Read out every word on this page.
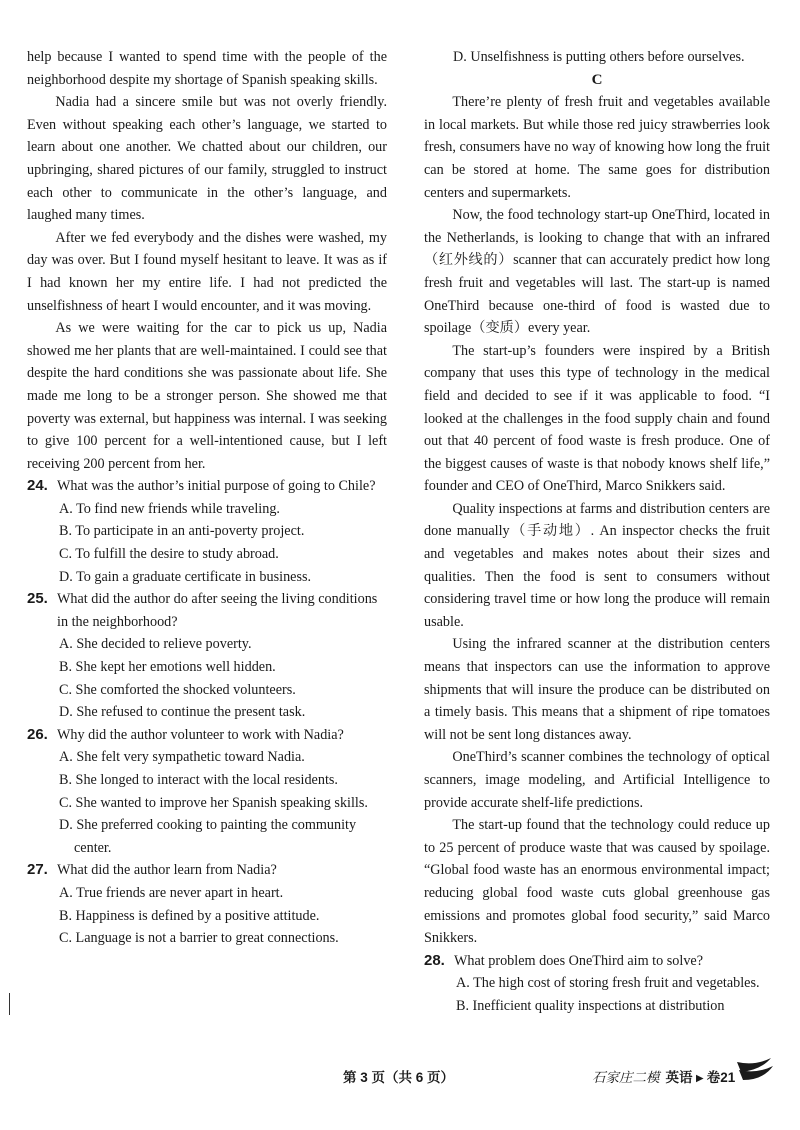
help because I wanted to spend time with the people of the neighborhood despite my shortage of Spanish speaking skills.

Nadia had a sincere smile but was not overly friendly. Even without speaking each other’s language, we started to learn about one another. We chatted about our children, our upbringing, shared pictures of our family, struggled to instruct each other to communicate in the other’s language, and laughed many times.

After we fed everybody and the dishes were washed, my day was over. But I found myself hesitant to leave. It was as if I had known her my entire life. I had not predicted the unselfishness of heart I would encounter, and it was moving.

As we were waiting for the car to pick us up, Nadia showed me her plants that are well-maintained. I could see that despite the hard conditions she was passionate about life. She made me long to be a stronger person. She showed me that poverty was external, but happiness was internal. I was seeking to give 100 percent for a well-intentioned cause, but I left receiving 200 percent from her.

24. What was the author’s initial purpose of going to Chile?

A. To find new friends while traveling.

B. To participate in an anti-poverty project.

C. To fulfill the desire to study abroad.

D. To gain a graduate certificate in business.

25. What did the author do after seeing the living conditions in the neighborhood?

A. She decided to relieve poverty.

B. She kept her emotions well hidden.

C. She comforted the shocked volunteers.

D. She refused to continue the present task.

26. Why did the author volunteer to work with Nadia?

A. She felt very sympathetic toward Nadia.

B. She longed to interact with the local residents.

C. She wanted to improve her Spanish speaking skills.

D. She preferred cooking to painting the community center.

27. What did the author learn from Nadia?

A. True friends are never apart in heart.

B. Happiness is defined by a positive attitude.

C. Language is not a barrier to great connections.

D. Unselfishness is putting others before ourselves.

C

There’re plenty of fresh fruit and vegetables available in local markets. But while those red juicy strawberries look fresh, consumers have no way of knowing how long the fruit can be stored at home. The same goes for distribution centers and supermarkets.

Now, the food technology start-up OneThird, located in the Netherlands, is looking to change that with an infrared（红外线的）scanner that can accurately predict how long fresh fruit and vegetables will last. The start-up is named OneThird because one-third of food is wasted due to spoilage（变质）every year.

The start-up’s founders were inspired by a British company that uses this type of technology in the medical field and decided to see if it was applicable to food. “I looked at the challenges in the food supply chain and found out that 40 percent of food waste is fresh produce. One of the biggest causes of waste is that nobody knows shelf life,” founder and CEO of OneThird, Marco Snikkers said.

Quality inspections at farms and distribution centers are done manually（手动地）. An inspector checks the fruit and vegetables and makes notes about their sizes and qualities. Then the food is sent to consumers without considering travel time or how long the produce will remain usable.

Using the infrared scanner at the distribution centers means that inspectors can use the information to approve shipments that will insure the produce can be distributed on a timely basis. This means that a shipment of ripe tomatoes will not be sent long distances away.

OneThird’s scanner combines the technology of optical scanners, image modeling, and Artificial Intelligence to provide accurate shelf-life predictions.

The start-up found that the technology could reduce up to 25 percent of produce waste that was caused by spoilage. “Global food waste has an enormous environmental impact; reducing global food waste cuts global greenhouse gas emissions and promotes global food security,” said Marco Snikkers.

28. What problem does OneThird aim to solve?

A. The high cost of storing fresh fruit and vegetables.

B. Inefficient quality inspections at distribution

第 3 页（共 6 页）	石家庄二模 英语 ▸ 卷21
